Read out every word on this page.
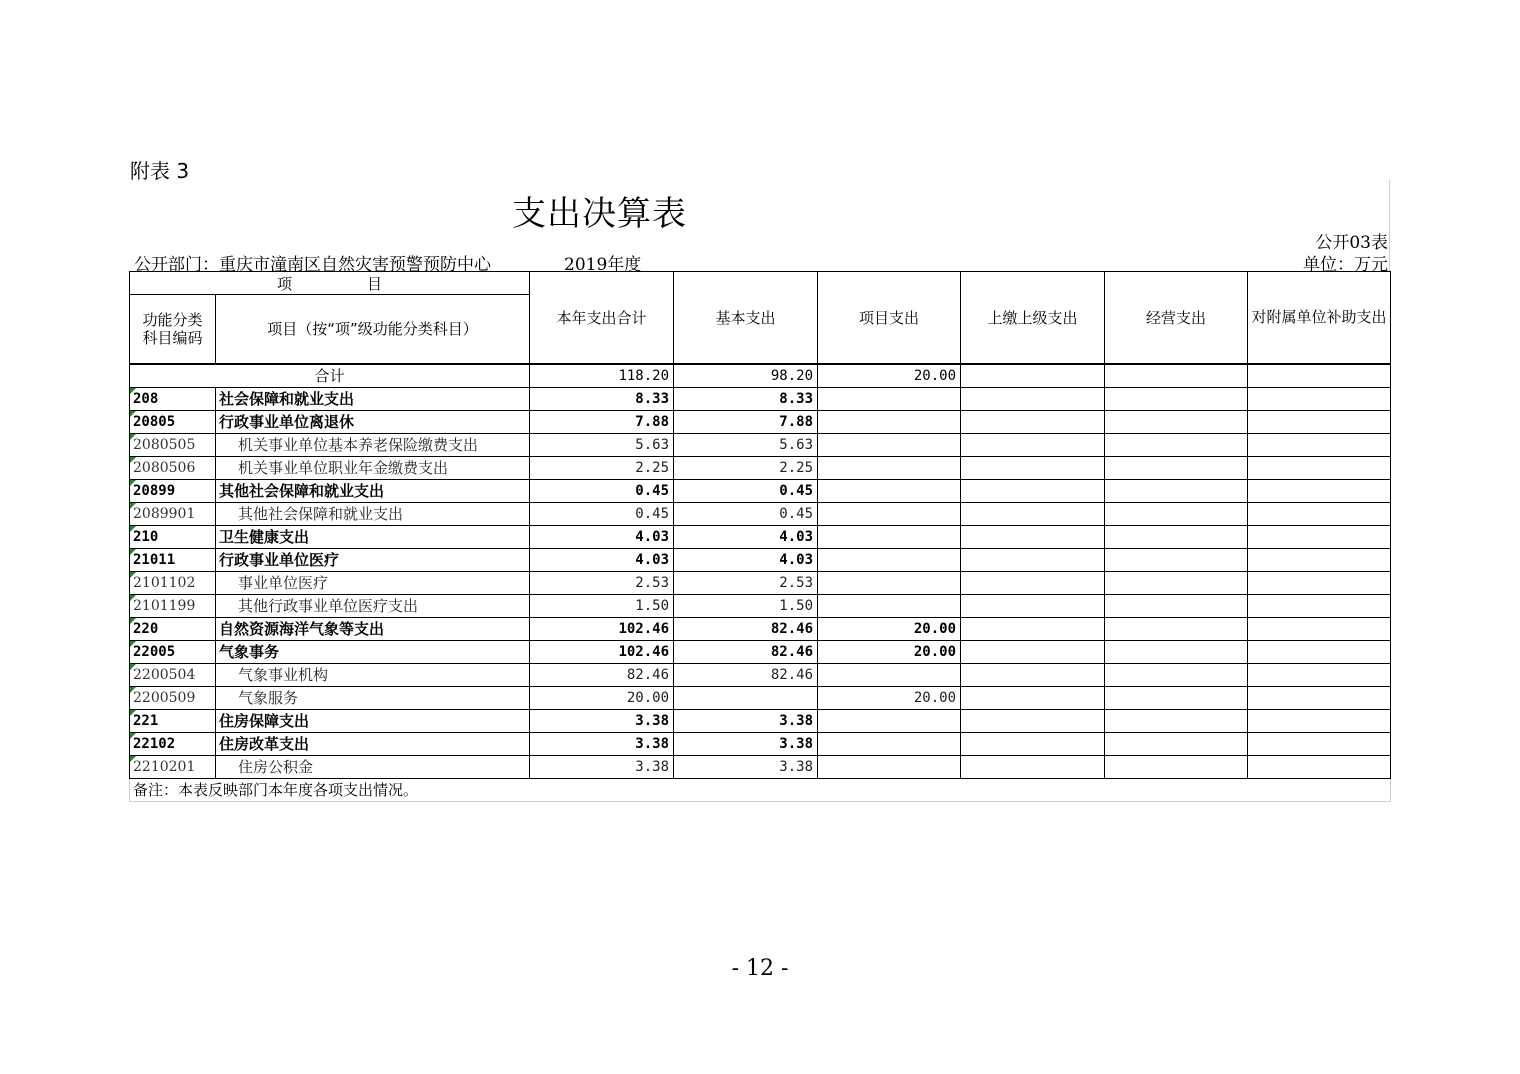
附表 3
支出决算表
公开03表
公开部门：重庆市潼南区自然灾害预警预防中心	2019年度	单位：万元
项　　　　　目		本年支出合计	基本支出	项目支出	上缴上级支出	经营支出	对附属单位补助支出
功能分类科目编码	项目（按“项”级功能分类科目）						
合计		118.20	98.20	20.00			

208	社会保障和就业支出	8.33	8.33				

20805	行政事业单位离退休	7.88	7.88				

2080505	机关事业单位基本养老保险缴费支出	5.63	5.63				

2080506	机关事业单位职业年金缴费支出	2.25	2.25				

20899	其他社会保障和就业支出	0.45	0.45				

2089901	其他社会保障和就业支出	0.45	0.45				

210	卫生健康支出	4.03	4.03				

21011	行政事业单位医疗	4.03	4.03				

2101102	事业单位医疗	2.53	2.53				

2101199	其他行政事业单位医疗支出	1.50	1.50				

220	自然资源海洋气象等支出	102.46	82.46	20.00			

22005	气象事务	102.46	82.46	20.00			

2200504	气象事业机构	82.46	82.46				

2200509	气象服务	20.00		20.00			

221	住房保障支出	3.38	3.38				

22102	住房改革支出	3.38	3.38				

2210201	住房公积金	3.38	3.38				
备注：本表反映部门本年度各项支出情况。							
- 12 -
